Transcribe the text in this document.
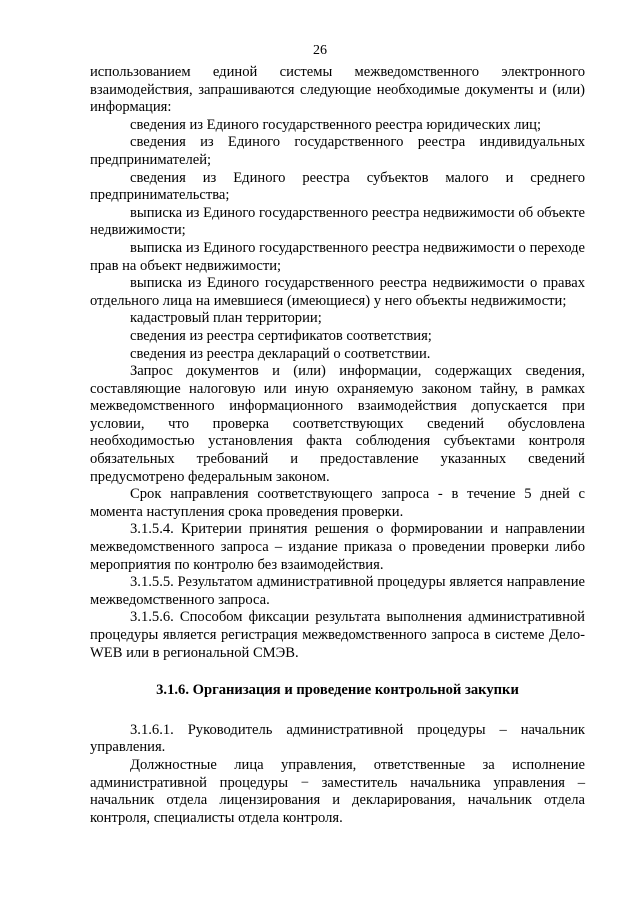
26

использованием единой системы межведомственного электронного взаимодействия, запрашиваются следующие необходимые документы и (или) информация:

сведения из Единого государственного реестра юридических лиц;

сведения из Единого государственного реестра индивидуальных предпринимателей;

сведения из Единого реестра субъектов малого и среднего предпринимательства;

выписка из Единого государственного реестра недвижимости об объекте недвижимости;

выписка из Единого государственного реестра недвижимости о переходе прав на объект недвижимости;

выписка из Единого государственного реестра недвижимости о правах отдельного лица на имевшиеся (имеющиеся) у него объекты недвижимости;

кадастровый план территории;

сведения из реестра сертификатов соответствия;

сведения из реестра деклараций о соответствии.

Запрос документов и (или) информации, содержащих сведения, составляющие налоговую или иную охраняемую законом тайну, в рамках межведомственного информационного взаимодействия допускается при условии, что проверка соответствующих сведений обусловлена необходимостью установления факта соблюдения субъектами контроля обязательных требований и предоставление указанных сведений предусмотрено федеральным законом.

Срок направления соответствующего запроса - в течение 5 дней с момента наступления срока проведения проверки.

3.1.5.4. Критерии принятия решения о формировании и направлении межведомственного запроса – издание приказа о проведении проверки либо мероприятия по контролю без взаимодействия.

3.1.5.5. Результатом административной процедуры является направление межведомственного запроса.

3.1.5.6. Способом фиксации результата выполнения административной процедуры является регистрация межведомственного запроса в системе Дело-WEB или в региональной СМЭВ.

3.1.6. Организация и проведение контрольной закупки

3.1.6.1. Руководитель административной процедуры – начальник управления.

Должностные лица управления, ответственные за исполнение административной процедуры − заместитель начальника управления – начальник отдела лицензирования и декларирования, начальник отдела контроля, специалисты отдела контроля.
